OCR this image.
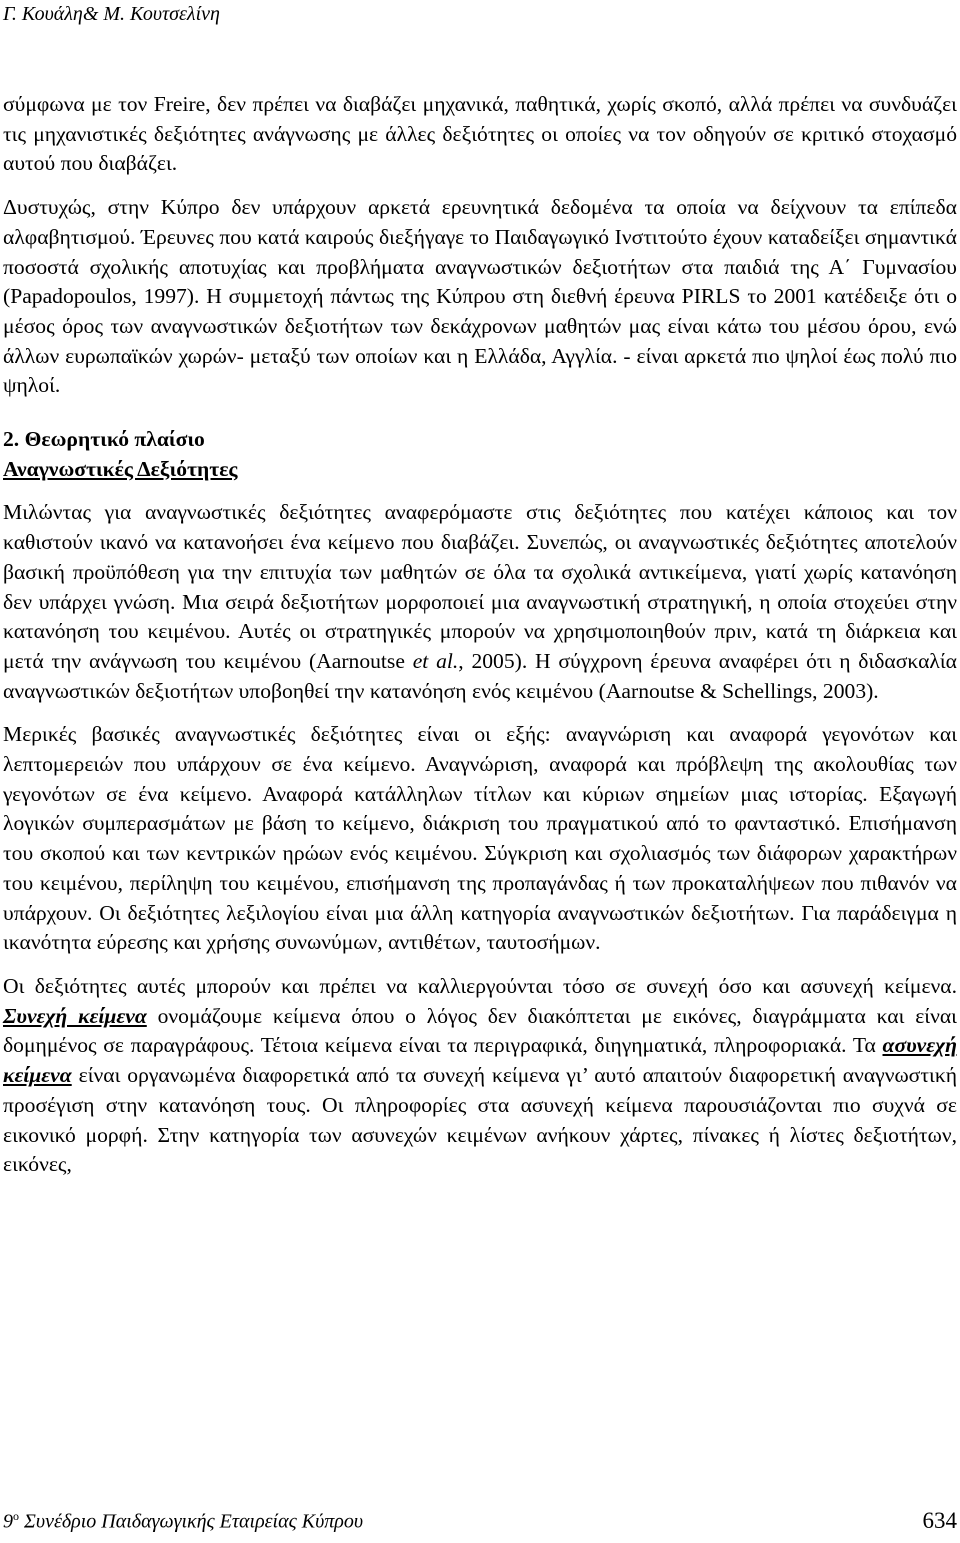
Γ. Κουάλη& Μ. Κουτσελίνη

σύμφωνα με τον Freire, δεν πρέπει να διαβάζει μηχανικά, παθητικά, χωρίς σκοπό, αλλά πρέπει να συνδυάζει τις μηχανιστικές δεξιότητες ανάγνωσης με άλλες δεξιότητες οι οποίες να τον οδηγούν σε κριτικό στοχασμό αυτού που διαβάζει.

Δυστυχώς, στην Κύπρο δεν υπάρχουν αρκετά ερευνητικά δεδομένα τα οποία να δείχνουν τα επίπεδα αλφαβητισμού. Έρευνες που κατά καιρούς διεξήγαγε το Παιδαγωγικό Ινστιτούτο έχουν καταδείξει σημαντικά ποσοστά σχολικής αποτυχίας και προβλήματα αναγνωστικών δεξιοτήτων στα παιδιά της Α΄ Γυμνασίου (Papadopoulos, 1997). Η συμμετοχή πάντως της Κύπρου στη διεθνή έρευνα PIRLS το 2001 κατέδειξε ότι ο μέσος όρος των αναγνωστικών δεξιοτήτων των δεκάχρονων μαθητών μας είναι κάτω του μέσου όρου, ενώ άλλων ευρωπαϊκών χωρών- μεταξύ των οποίων και η Ελλάδα, Αγγλία. - είναι αρκετά πιο ψηλοί έως πολύ πιο ψηλοί.

2. Θεωρητικό πλαίσιο

Αναγνωστικές Δεξιότητες

Μιλώντας για αναγνωστικές δεξιότητες αναφερόμαστε στις δεξιότητες που κατέχει κάποιος και τον καθιστούν ικανό να κατανοήσει ένα κείμενο που διαβάζει. Συνεπώς, οι αναγνωστικές δεξιότητες αποτελούν βασική προϋπόθεση για την επιτυχία των μαθητών σε όλα τα σχολικά αντικείμενα, γιατί χωρίς κατανόηση δεν υπάρχει γνώση. Μια σειρά δεξιοτήτων μορφοποιεί μια αναγνωστική στρατηγική, η οποία στοχεύει στην κατανόηση του κειμένου. Αυτές οι στρατηγικές μπορούν να χρησιμοποιηθούν πριν, κατά τη διάρκεια και μετά την ανάγνωση του κειμένου (Aarnoutse et al., 2005). Η σύγχρονη έρευνα αναφέρει ότι η διδασκαλία αναγνωστικών δεξιοτήτων υποβοηθεί την κατανόηση ενός κειμένου (Aarnoutse & Schellings, 2003).

Μερικές βασικές αναγνωστικές δεξιότητες είναι οι εξής: αναγνώριση και αναφορά γεγονότων και λεπτομερειών που υπάρχουν σε ένα κείμενο. Αναγνώριση, αναφορά και πρόβλεψη της ακολουθίας των γεγονότων σε ένα κείμενο. Αναφορά κατάλληλων τίτλων και κύριων σημείων μιας ιστορίας. Εξαγωγή λογικών συμπερασμάτων με βάση το κείμενο, διάκριση του πραγματικού από το φανταστικό. Επισήμανση του σκοπού και των κεντρικών ηρώων ενός κειμένου. Σύγκριση και σχολιασμός των διάφορων χαρακτήρων του κειμένου, περίληψη του κειμένου, επισήμανση της προπαγάνδας ή των προκαταλήψεων που πιθανόν να υπάρχουν. Οι δεξιότητες λεξιλογίου είναι μια άλλη κατηγορία αναγνωστικών δεξιοτήτων. Για παράδειγμα η ικανότητα εύρεσης και χρήσης συνωνύμων, αντιθέτων, ταυτοσήμων.

Οι δεξιότητες αυτές μπορούν και πρέπει να καλλιεργούνται τόσο σε συνεχή όσο και ασυνεχή κείμενα. Συνεχή κείμενα ονομάζουμε κείμενα όπου ο λόγος δεν διακόπτεται με εικόνες, διαγράμματα και είναι δομημένος σε παραγράφους. Τέτοια κείμενα είναι τα περιγραφικά, διηγηματικά, πληροφοριακά. Τα ασυνεχή κείμενα είναι οργανωμένα διαφορετικά από τα συνεχή κείμενα γι’ αυτό απαιτούν διαφορετική αναγνωστική προσέγιση στην κατανόηση τους. Οι πληροφορίες στα ασυνεχή κείμενα παρουσιάζονται πιο συχνά σε εικονικό μορφή. Στην κατηγορία των ασυνεχών κειμένων ανήκουν χάρτες, πίνακες ή λίστες δεξιοτήτων, εικόνες,

$9^o$ Συνέδριο Παιδαγωγικής Εταιρείας Κύπρου	634
